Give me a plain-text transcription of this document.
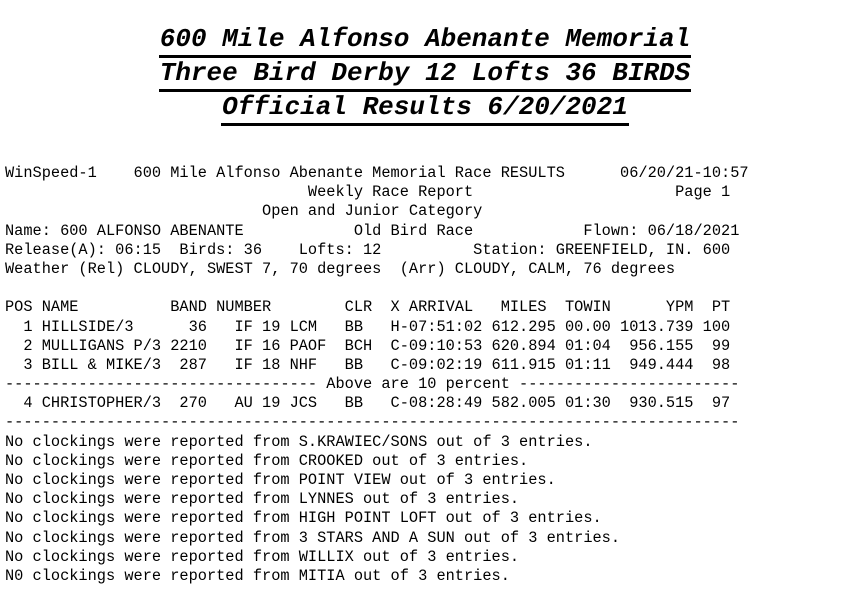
600 Mile Alfonso Abenante Memorial
Three Bird Derby 12 Lofts 36 BIRDS
Official Results 6/20/2021
WinSpeed-1    600 Mile Alfonso Abenante Memorial Race RESULTS      06/20/21-10:57
Weekly Race Report                      Page 1
Open and Junior Category
Name: 600 ALFONSO ABENANTE            Old Bird Race            Flown: 06/18/2021
Release(A): 06:15  Birds: 36    Lofts: 12          Station: GREENFIELD, IN. 600
Weather (Rel) CLOUDY, SWEST 7, 70 degrees  (Arr) CLOUDY, CALM, 76 degrees
POS NAME          BAND NUMBER        CLR  X ARRIVAL   MILES  TOWIN      YPM  PT
1 HILLSIDE/3      36   IF 19 LCM   BB   H-07:51:02 612.295 00.00 1013.739 100
2 MULLIGANS P/3 2210   IF 16 PAOF  BCH  C-09:10:53 620.894 01:04  956.155  99
3 BILL & MIKE/3  287   IF 18 NHF   BB   C-09:02:19 611.915 01:11  949.444  98
---------------------------------- Above are 10 percent ------------------------
4 CHRISTOPHER/3  270   AU 19 JCS   BB   C-08:28:49 582.005 01:30  930.515  97
--------------------------------------------------------------------------------
No clockings were reported from S.KRAWIEC/SONS out of 3 entries.
No clockings were reported from CROOKED out of 3 entries.
No clockings were reported from POINT VIEW out of 3 entries.
No clockings were reported from LYNNES out of 3 entries.
No clockings were reported from HIGH POINT LOFT out of 3 entries.
No clockings were reported from 3 STARS AND A SUN out of 3 entries.
No clockings were reported from WILLIX out of 3 entries.
N0 clockings were reported from MITIA out of 3 entries.
